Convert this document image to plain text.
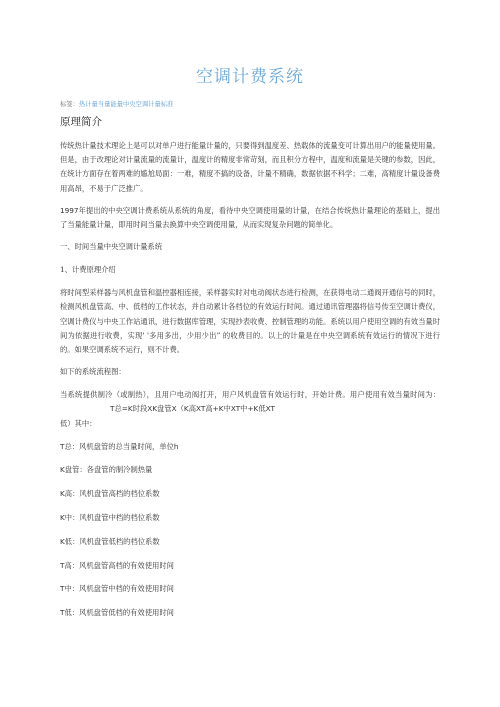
空调计费系统
标签：热计量当量能量中央空调计量标准
原理简介

传统热计量技术理论上是可以对单户进行能量计量的，只要得到温度差、热载体的流量变可计算出用户的能量使用量。但是，由于改理论对计量流量的流量计，温度计的精度非常苛刻，而且积分方程中，温度和流量是关键的参数，因此，在统计方面存在着两难的尴尬局面：一难，精度不搞的设备，计量不精确，数据依据不科学；二难，高精度计量设备费用高昂，不易于广泛推广。

1997年提出的中央空调计费系统从系统的角度，看待中央空调使用量的计量，在结合传统热计量理论的基础上，提出了当量能量计量，即用时间当量去换算中央空调使用量，从而实现复杂问题的简单化。

一、时间当量中央空调计量系统
1、计费原理介绍

将时间型采样器与风机盘管和温控器相连接，采样器实时对电动阀状态进行检测，在获得电动二通阀开通信号的同时，检测风机盘管高、中、低档的工作状态，并自动累计各档位的有效运行时间。通过通讯管理器将信号传至空调计费仪，空调计费仪与中央工作站通讯，进行数据库管理，实现抄表收费、控制管理的功能。系统以用户使用空调的有效当量时间为依据进行收费，实现' '多用多出，少用少出” 的收费目的。以上的计量是在中央空调系统有效运行的情况下进行的。如果空调系统不运行，则不计费。

如下的系统流程图：

当系统提供制冷（或制热），且用户电动阀打开，用户风机盘管有效运行时，开始计费。用户使用有效当量时间为：T总=K时段XK盘管X（K高XT高+K中XT中+K低XT

低）其中：
T总：风机盘管的总当量时间，单位h
K盘管：各盘管的制冷制热量
K高：风机盘管高档的档位系数
K中：风机盘管中档的档位系数
K低：风机盘管低档的档位系数
T高：风机盘管高档的有效使用时间
T中：风机盘管中档的有效使用时间
T低：风机盘管低档的有效使用时间
